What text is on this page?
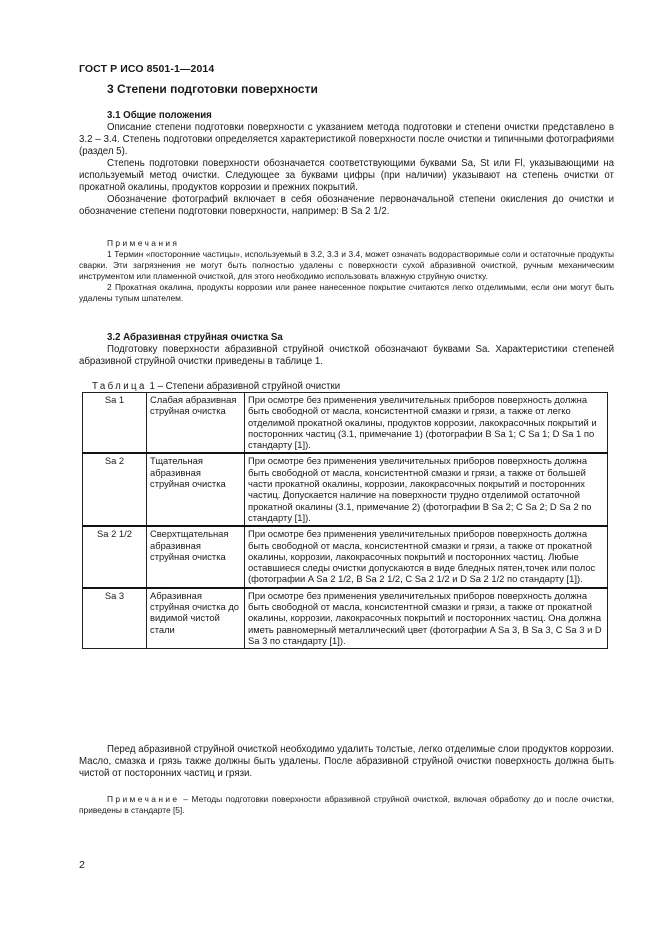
ГОСТ Р ИСО 8501-1—2014
3 Степени подготовки поверхности

3.1 Общие положения

Описание степени подготовки поверхности с указанием метода подготовки и степени очистки представлено в 3.2 – 3.4. Степень подготовки определяется характеристикой поверхности после очистки и типичными фотографиями (раздел 5).

Степень подготовки поверхности обозначается соответствующими буквами Sa, St или Fl, указывающими на используемый метод очистки. Следующее за буквами цифры (при наличии) указывают на степень очистки от прокатной окалины, продуктов коррозии и прежних покрытий.

Обозначение фотографий включает в себя обозначение первоначальной степени окисления до очистки и обозначение степени подготовки поверхности, например: В Sa 2 1/2.

Примечания

1 Термин «посторонние частицы», используемый в 3.2, 3.3 и 3.4, может означать водорастворимые соли и остаточные продукты сварки. Эти загрязнения не могут быть полностью удалены с поверхности сухой абразивной очисткой, ручным механическим инструментом или пламенной очисткой, для этого необходимо использовать влажную струйную очистку.

2 Прокатная окалина, продукты коррозии или ранее нанесенное покрытие считаются легко отделимыми, если они могут быть удалены тупым шпателем.

3.2 Абразивная струйная очистка Sa

Подготовку поверхности абразивной струйной очисткой обозначают буквами Sa. Характеристики степеней абразивной струйной очистки приведены в таблице 1.

Таблица 1 – Степени абразивной струйной очистки
Sa 1	Слабая абразивная струйная очистка	При осмотре без применения увеличительных приборов поверхность должна быть свободной от масла, консистентной смазки и грязи, а также от легко отделимой прокатной окалины, продуктов коррозии, лакокрасочных покрытий и посторонних частиц (3.1, примечание 1) (фотографии В Sa 1; С Sa 1; D Sa 1 по стандарту [1]).
Sa 2	Тщательная абразивная струйная очистка	При осмотре без применения увеличительных приборов поверхность должна быть свободной от масла, консистентной смазки и грязи, а также от большей части прокатной окалины, коррозии, лакокрасочных покрытий и посторонних частиц. Допускается наличие на поверхности трудно отделимой остаточной прокатной окалины (3.1, примечание 2) (фотографии В Sa 2; С Sa 2; D Sa 2 по стандарту [1]).
Sa 2 1/2	Сверхтщательная абразивная струйная очистка	При осмотре без применения увеличительных приборов поверхность должна быть свободной от масла, консистентной смазки и грязи, а также от прокатной окалины, коррозии, лакокрасочных покрытий и посторонних частиц. Любые оставшиеся следы очистки допускаются в виде бледных пятен,точек или полос (фотографии A Sa 2 1/2, В Sa 2 1/2, С Sa 2 1/2 и D Sa 2 1/2 по стандарту [1]).
Sa 3	Абразивная струйная очистка до видимой чистой стали	При осмотре без применения увеличительных приборов поверхность должна быть свободной от масла, консистентной смазки и грязи, а также от прокатной окалины, коррозии, лакокрасочных покрытий и посторонних частиц. Она должна иметь равномерный металлический цвет (фотографии A Sa 3, В Sa 3, С Sa 3 и D Sa 3 по стандарту [1]).

Перед абразивной струйной очисткой необходимо удалить толстые, легко отделимые слои продуктов коррозии. Масло, смазка и грязь также должны быть удалены. После абразивной струйной очистки поверхность должна быть чистой от посторонних частиц и грязи.

Примечание – Методы подготовки поверхности абразивной струйной очисткой, включая обработку до и после очистки, приведены в стандарте [5].

2
